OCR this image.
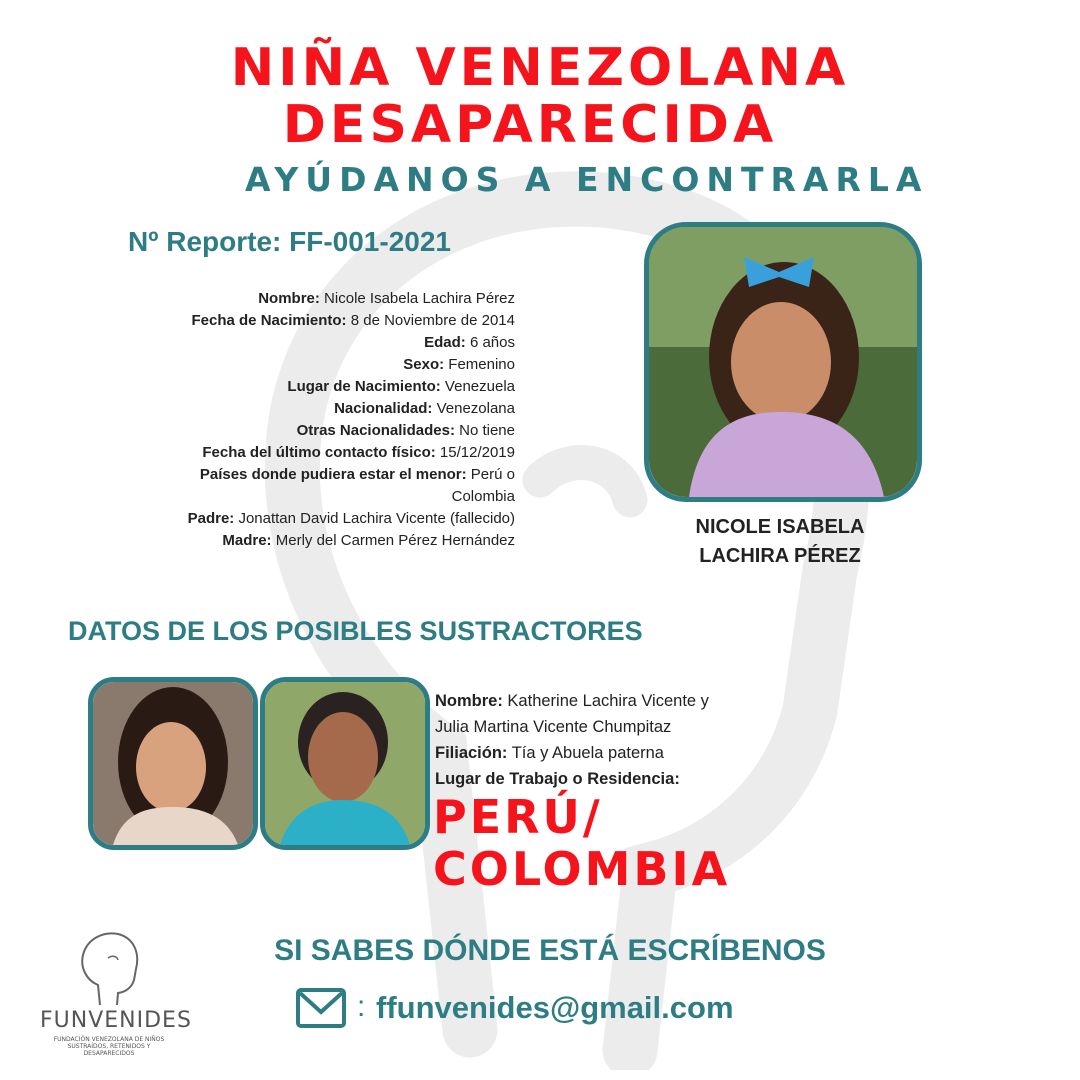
NIÑA VENEZOLANA
DESAPARECIDA
AYÚDANOS A ENCONTRARLA
Nº Reporte: FF-001-2021
Nombre: Nicole Isabela Lachira Pérez
Fecha de Nacimiento: 8 de Noviembre de 2014
Edad: 6 años
Sexo: Femenino
Lugar de Nacimiento: Venezuela
Nacionalidad: Venezolana
Otras Nacionalidades: No tiene
Fecha del último contacto físico: 15/12/2019
Países donde pudiera estar el menor: Perú o
Colombia
Padre: Jonattan David Lachira Vicente (fallecido)
Madre: Merly del Carmen Pérez Hernández
NICOLE ISABELA
LACHIRA PÉREZ
DATOS DE LOS POSIBLES SUSTRACTORES
Nombre: Katherine Lachira Vicente y
Julia Martina Vicente Chumpitaz
Filiación: Tía y Abuela paterna
Lugar de Trabajo o Residencia:
PERÚ/
COLOMBIA
SI SABES DÓNDE ESTÁ ESCRÍBENOS
: ffunvenides@gmail.com
FUNVENIDES
FUNDACIÓN VENEZOLANA DE NIÑOS
SUSTRAÍDOS, RETENIDOS Y DESAPARECIDOS
